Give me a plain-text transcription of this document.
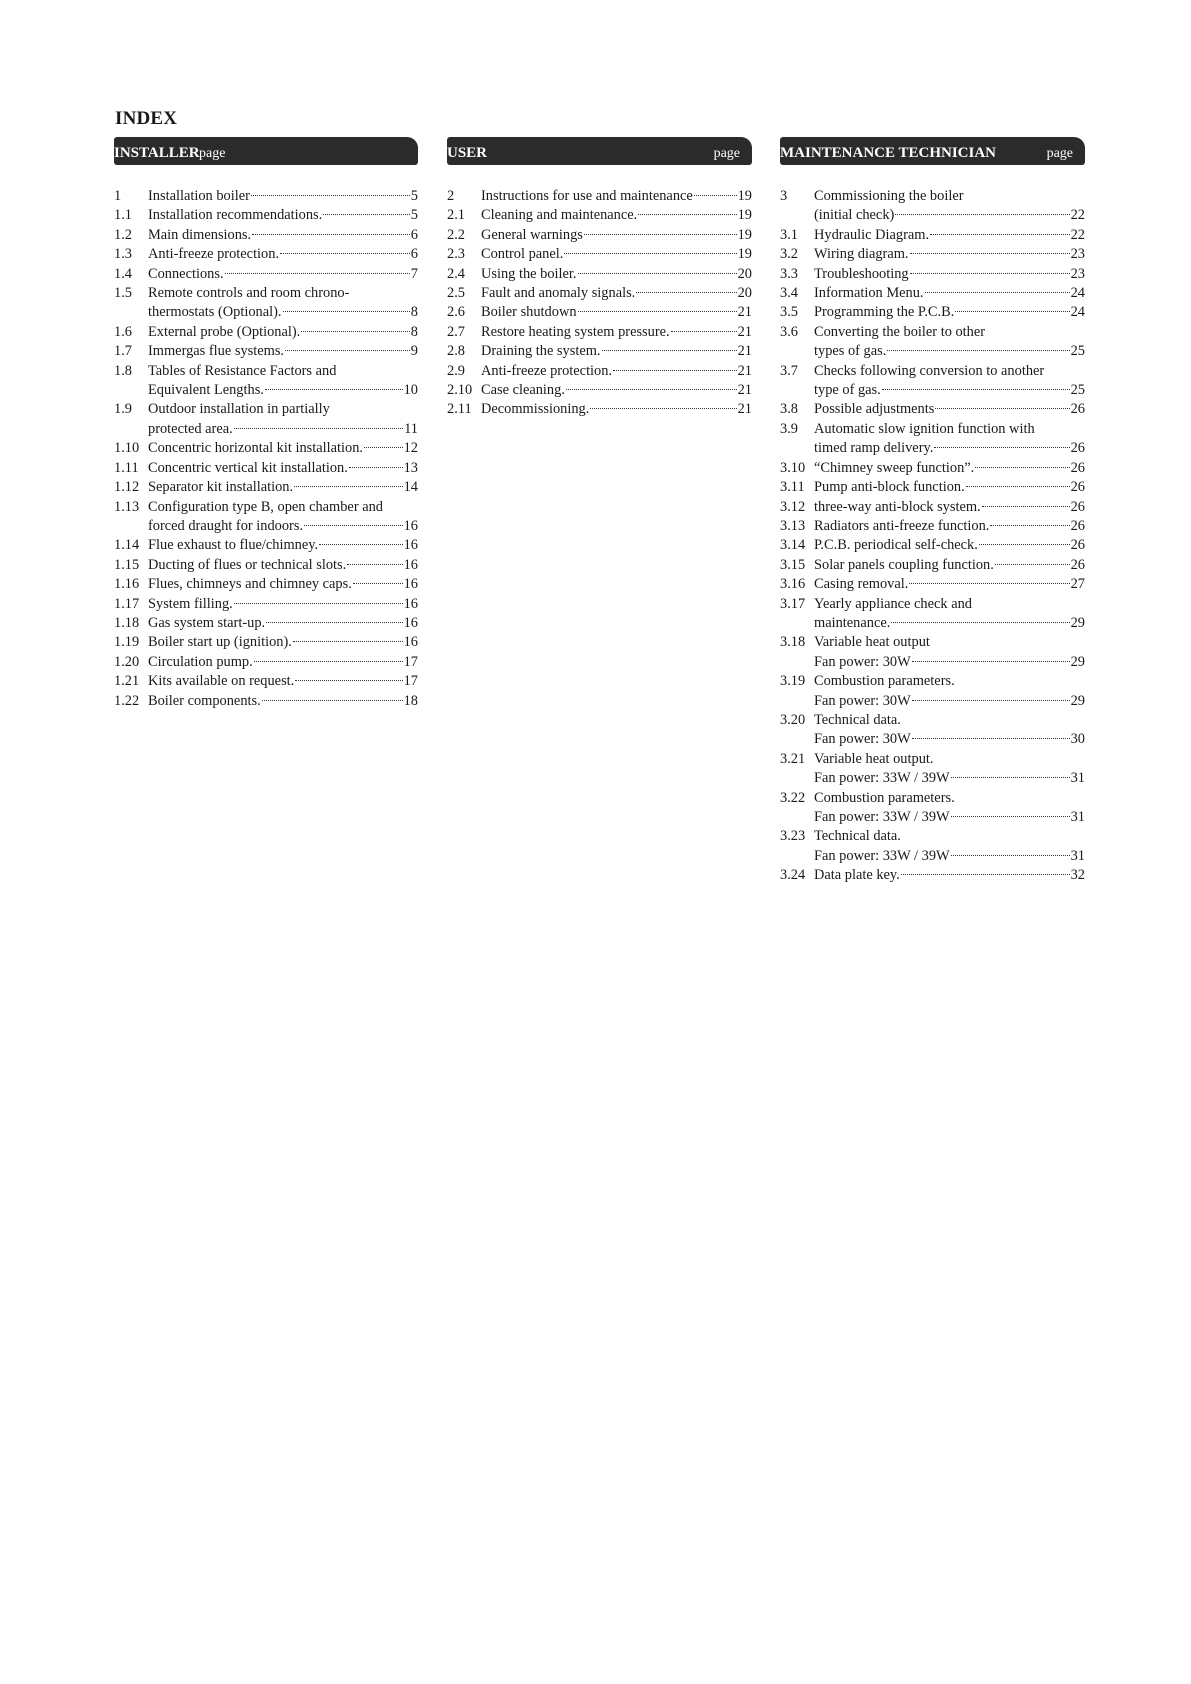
INDEX
INSTALLER page
1	Installation boiler	5
1.1	Installation recommendations.	5
1.2	Main dimensions.	6
1.3	Anti-freeze protection.	6
1.4	Connections.	7
1.5	Remote controls and room chrono-
thermostats (Optional).	8
1.6	External probe (Optional).	8
1.7	Immergas flue systems.	9
1.8	Tables of Resistance Factors and
Equivalent Lengths.	10
1.9	Outdoor installation in partially
protected area.	11
1.10 Concentric horizontal kit installation.	12
1.11 Concentric vertical kit installation.	13
1.12 Separator kit installation.	14
1.13 Configuration type B, open chamber and
forced draught for indoors.	16
1.14 Flue exhaust to flue/chimney.	16
1.15 Ducting of flues or technical slots.	16
1.16 Flues, chimneys and chimney caps.	16
1.17 System filling.	16
1.18 Gas system start-up.	16
1.19 Boiler start up (ignition).	16
1.20 Circulation pump.	17
1.21 Kits available on request.	17
1.22 Boiler components.	18
USER	page
2	Instructions for use and maintenance	19
2.1	Cleaning and maintenance.	19
2.2	General warnings	19
2.3	Control panel.	19
2.4	Using the boiler.	20
2.5	Fault and anomaly signals.	20
2.6	Boiler shutdown	21
2.7	Restore heating system pressure.	21
2.8	Draining the system.	21
2.9	Anti-freeze protection.	21
2.10 Case cleaning.	21
2.11 Decommissioning.	21
MAINTENANCE TECHNICIAN	page
3	Commissioning the boiler
(initial check)	22
3.1	Hydraulic Diagram.	22
3.2	Wiring diagram.	23
3.3	Troubleshooting	23
3.4	Information Menu.	24
3.5	Programming the P.C.B.	24
3.6	Converting the boiler to other
types of gas.	25
3.7	Checks following conversion to another
type of gas.	25
3.8	Possible adjustments	26
3.9	Automatic slow ignition function with
timed ramp delivery.	26
3.10 “Chimney sweep function”.	26
3.11 Pump anti-block function.	26
3.12 three-way anti-block system.	26
3.13 Radiators anti-freeze function.	26
3.14 P.C.B. periodical self-check.	26
3.15 Solar panels coupling function.	26
3.16 Casing removal.	27
3.17 Yearly appliance check and
maintenance.	29
3.18 Variable heat output
Fan power: 30W	29
3.19 Combustion parameters.
Fan power: 30W	29
3.20 Technical data.
Fan power: 30W	30
3.21 Variable heat output.
Fan power: 33W / 39W	31
3.22 Combustion parameters.
Fan power: 33W / 39W	31
3.23 Technical data.
Fan power: 33W / 39W	31
3.24 Data plate key.	32
